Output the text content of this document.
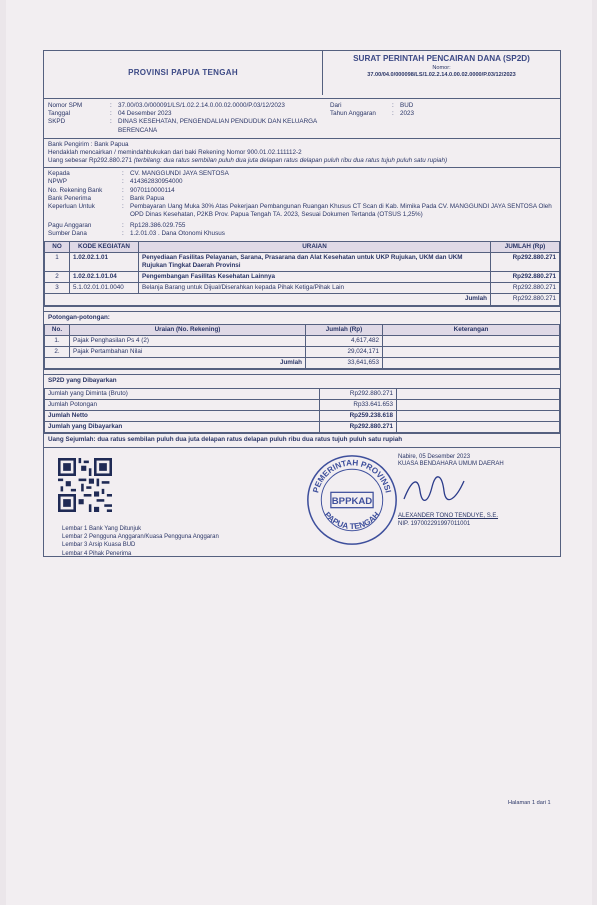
PROVINSI PAPUA TENGAH
SURAT PERINTAH PENCAIRAN DANA (SP2D)
Nomor:
37.00/04.0/000098/LS/1.02.2.14.0.00.02.0000/P.03/12/2023
Nomor SPM	: 37.00/03.0/000091/LS/1.02.2.14.0.00.02.0000/P.03/12/2023
Tanggal	: 04 Desember 2023
SKPD	: DINAS KESEHATAN, PENGENDALIAN PENDUDUK DAN KELUARGA BERENCANA
Dari	: BUD
Tahun Anggaran	: 2023
Bank Pengirim : Bank Papua
Hendaklah mencairkan / memindahbukukan dari baki Rekening Nomor 900.01.02.111112-2
Uang sebesar Rp292.880.271 (terbilang: dua ratus sembilan puluh dua juta delapan ratus delapan puluh ribu dua ratus tujuh puluh satu rupiah)
Kepada	: CV. MANGGUNDI JAYA SENTOSA
NPWP	: 414362830954000
No. Rekening Bank	: 9070110000114
Bank Penerima	: Bank Papua
Keperluan Untuk	: Pembayaran Uang Muka 30% Atas Pekerjaan Pembangunan Ruangan Khusus CT Scan di Kab. Mimika Pada CV. MANGGUNDI JAYA SENTOSA Oleh OPD Dinas Kesehatan, P2KB Prov. Papua Tengah TA. 2023, Sesuai Dokumen Tertanda (OTSUS 1,25%)
Pagu Anggaran	: Rp128.386.029.755
Sumber Dana	: 1.2.01.03 . Dana Otonomi Khusus
NO	KODE KEGIATAN	URAIAN	JUMLAH (Rp)
1	1.02.02.1.01	Penyediaan Fasilitas Pelayanan, Sarana, Prasarana dan Alat Kesehatan untuk UKP Rujukan, UKM dan UKM Rujukan Tingkat Daerah Provinsi	Rp292.880.271
2	1.02.02.1.01.04	Pengembangan Fasilitas Kesehatan Lainnya	Rp292.880.271
3	5.1.02.01.01.0040	Belanja Barang untuk Dijual/Diserahkan kepada Pihak Ketiga/Pihak Lain	Rp292.880.271
Jumlah			Rp292.880.271
Potongan-potongan:
No.	Uraian (No. Rekening)	Jumlah (Rp)	Keterangan
1.	Pajak Penghasilan Ps 4 (2)	4,617,482	
2.	Pajak Pertambahan Nilai	29,024,171	
Jumlah		33,641,653	
SP2D yang Dibayarkan
Jumlah yang Diminta (Bruto)	Rp292.880.271	
Jumlah Potongan	Rp33.641.653	
Jumlah Netto	Rp259.238.618	
Jumlah yang Dibayarkan	Rp292.880.271	
Uang Sejumlah: dua ratus sembilan puluh dua juta delapan ratus delapan puluh ribu dua ratus tujuh puluh satu rupiah
Nabire, 05 Desember 2023
KUASA BENDAHARA UMUM DAERAH
ALEXANDER TONO TENDUYE, S.E.
NIP. 197002291997011001
PEMERINTAH PROVINSI
PAPUA TENGAH
BPPKAD
Lembar 1 Bank Yang Ditunjuk
Lembar 2 Pengguna Anggaran/Kuasa Pengguna Anggaran
Lembar 3 Arsip Kuasa BUD
Lembar 4 Pihak Penerima
Halaman 1 dari 1
